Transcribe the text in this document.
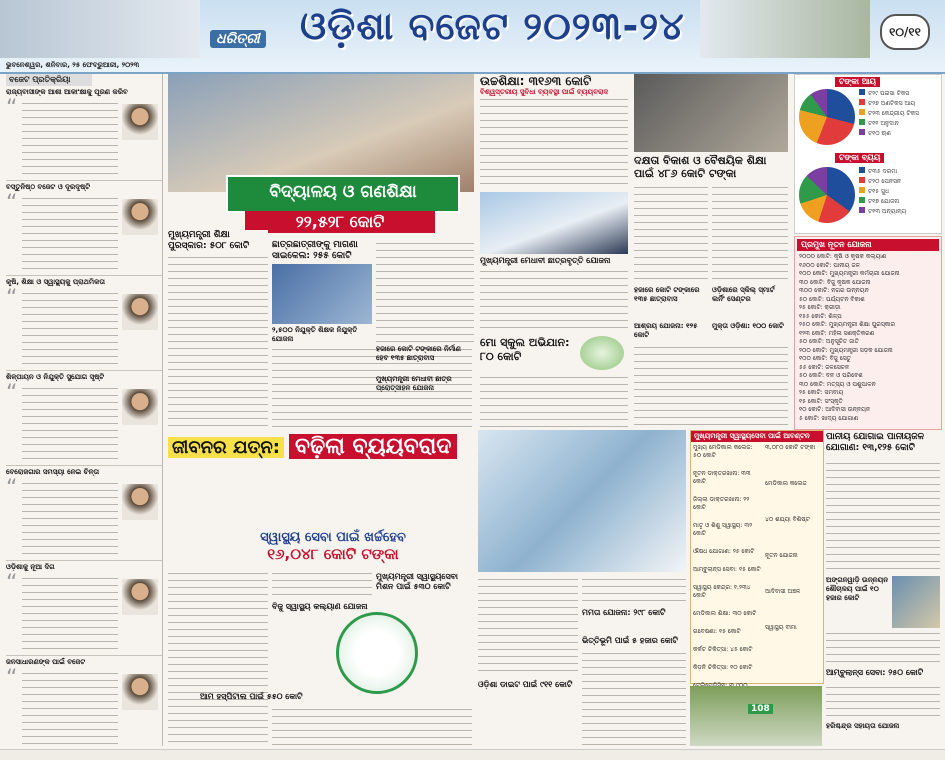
ଧରିତ୍ରୀ ଓଡ଼ିଶା ବଜେଟ ୨୦୨୩-୨୪	୧୦/୧୧
ଭୁବନେଶ୍ୱର, ଶନିବାର, ୨୫ ଫେବ୍ରୁଆରୀ, ୨୦୨୩
ବଜେଟ ପ୍ରତିକ୍ରିୟା
ରାଜ୍ୟବାସୀଙ୍କ ଆଶା ଆକାଂକ୍ଷାକୁ ପୂରଣ କରିବ
“
ବସ୍ତୁନିଷ୍ଠ ବଜେଟ ଓ ଦୂରଦୃଷ୍ଟି
“
କୃଷି, ଶିକ୍ଷା ଓ ସ୍ୱାସ୍ଥ୍ୟକୁ ପ୍ରାଥମିକତା
“
ଶିଳ୍ପାୟନ ଓ ନିଯୁକ୍ତି ସୁଯୋଗ ସୃଷ୍ଟି
“
ବେରୋଜଗାର ସମସ୍ୟା ନେଇ ଚିନ୍ତା
“
ଓଡ଼ିଶାକୁ ନୂଆ ଦିଗ
“
ଜନସାଧାରଣଙ୍କ ପାଇଁ ବଜେଟ
“
ବିଦ୍ୟାଳୟ ଓ ଗଣଶିକ୍ଷା
୨୨,୫୨୮ କୋଟି
ଛାତ୍ରଛାତ୍ରୀଙ୍କୁ ମାଗଣା ସାଇକେଲ: ୨୫୫ କୋଟି
୨,୫୦୦ ନିଯୁକ୍ତି ଶିକ୍ଷକ ନିଯୁକ୍ତି ଯୋଜନା
ମୁଖ୍ୟମନ୍ତ୍ରୀ ଶିକ୍ଷା ପୁରସ୍କାର: ୫୦୮ କୋଟି
ଉଚ୍ଚଶିକ୍ଷା: ୩୧୬୩ କୋଟି
ବିଶ୍ୱସ୍ତରୀୟ ସୁବିଧା ବ୍ୟବସ୍ଥା ପାଇଁ ବ୍ୟୟବରାଦ
ମୁଖ୍ୟମନ୍ତ୍ରୀ ମେଧାବୀ ଛାତ୍ରବୃତ୍ତି ଯୋଜନା
ହଜାରେ କୋଟି ଟଙ୍କାରେ ନିର୍ମାଣ ହେବ ୧୩୫ ଛାତ୍ରାବାସ
ମୁଖ୍ୟମନ୍ତ୍ରୀ ମେଧାବୀ ଛାତ୍ର ପ୍ରୋତ୍ସାହନ ଯୋଜନା
ମୋ ସ୍କୁଲ ଅଭିଯାନ: ୮୦ କୋଟି
ଦକ୍ଷତା ବିକାଶ ଓ ବୈଷୟିକ ଶିକ୍ଷା ପାଇଁ ୪୮୬ କୋଟି ଟଙ୍କା
ହଜାରେ କୋଟି ଟଙ୍କାରେ ୧୩୫ ଛାତ୍ରାବାସ
ଓଡ଼ିଶାରେ ସ୍କିଲ୍ ସ୍ମାର୍ଟ ଲର୍ନିଂ ସେଣ୍ଟର
ଆଶ୍ରୟ ଯୋଜନା: ୧୨୫ କୋଟି
ମୁକ୍ତା ଓଡ଼ିଶା: ୧୦୦ କୋଟି
ଟଙ୍କା ଆୟ
ଟ୨୯ ପଇସା ଟିକସ
ଟ୨୭ ଅଣଟିକସ ଆୟ
ଟ୨୩ କେନ୍ଦ୍ରୀୟ ଟିକସ
ଟ୧୧ ଅନୁଦାନ
ଟ୧୦ ଋଣ
ଟଙ୍କା ବ୍ୟୟ
ଟ୩୫ ଦରମା
ଟ୨୦ ପେନସନ
ଟ୧୫ ସୁଧ
ଟ୧୭ ଯୋଜନା
ଟ୧୩ ଅନ୍ୟାନ୍ୟ
ପ୍ରମୁଖ ନୂତନ ଯୋଜନା
୨୦୦୦ କୋଟି: କୃଷି ଓ କୃଷକ କଲ୍ୟାଣ
୧୬୦୦ କୋଟି: ପାନୀୟ ଜଳ
୧୦୦ କୋଟି: ମୁଖ୍ୟମନ୍ତ୍ରୀ କର୍ମଚାରୀ ଯୋଜନା
୩୦ କୋଟି: ବିଜୁ କୃଷକ ଯୋଜନା
୩୦୦ କୋଟି: ନଗର ଉନ୍ନୟନ
୫୦ କୋଟି: ପର୍ଯ୍ୟଟନ ବିକାଶ
୨୫ କୋଟି: କ୍ରୀଡ଼ା
୧୫୫ କୋଟି: ଶିଳ୍ପ
୨୫୦ କୋଟି: ମୁଖ୍ୟମନ୍ତ୍ରୀ ଶିକ୍ଷା ପୁରସ୍କାର
୧୨୩ କୋଟି: ମହିଳା ସଶକ୍ତିକରଣ
୫୦ କୋଟି: ଅନୁସୂଚିତ ଜାତି
୨୦୦ କୋଟି: ମୁଖ୍ୟମନ୍ତ୍ରୀ ସଡ଼କ ଯୋଜନା
୧୦୦ କୋଟି: ବିଜୁ ସେତୁ
୫୫ କୋଟି: ଜଳସେଚନ
୫୦ କୋଟି: ବନ ଓ ପରିବେଶ
୩୦ କୋଟି: ମତ୍ସ୍ୟ ଓ ପଶୁପାଳନ
୨୫ କୋଟି: ସମବାୟ
୧୫ କୋଟି: ସଂସ୍କୃତି
୧୦ କୋଟି: ଆଦିବାସୀ ଉନ୍ନୟନ
୫ କୋଟି: ଖାଦ୍ୟ ଯୋଗାଣ
ଜୀବନର ଯତ୍ନ: ବଢ଼ିଲା ବ୍ୟୟବରାଦ
ସ୍ୱାସ୍ଥ୍ୟ ସେବା ପାଇଁ ଖର୍ଚ୍ଚହେବ
୧୬,୦୪୮ କୋଟି ଟଙ୍କା
ବିଜୁ ସ୍ୱାସ୍ଥ୍ୟ କଲ୍ୟାଣ ଯୋଜନା
ମୁଖ୍ୟମନ୍ତ୍ରୀ ସ୍ୱାସ୍ଥ୍ୟସେବା ମିଶନ ପାଇଁ ୫୩୦ କୋଟି
ଆମ ହସ୍ପିଟାଲ ପାଇଁ ୫୫୦ କୋଟି
ମମତା ଯୋଜନା: ୨୯୮ କୋଟି
ଭିତ୍ତିଭୂମି ପାଇଁ ୫ ହଜାର କୋଟି
ଓଡ଼ିଶା ଡାଇଟ ପାଇଁ ୯୧୧ କୋଟି
ମୁଖ୍ୟମନ୍ତ୍ରୀ ସ୍ୱାସ୍ଥ୍ୟସେବା ପାଇଁ ଆବଣ୍ଟନ
ମୁଖ୍ୟ ମେଡିକାଲ କଲେଜ: ୫୦ କୋଟି
ନୂତନ ଡାକ୍ତରଖାନା: ୩୩ କୋଟି
ଜିଲ୍ଲା ଡାକ୍ତରଖାନା: ୨୨ କୋଟି
ମାତୃ ଓ ଶିଶୁ ସ୍ୱାସ୍ଥ୍ୟ: ୩୨ କୋଟି
ଔଷଧ ଯୋଗାଣ: ୨୫ କୋଟି
ଆମ୍ବୁଲାନ୍ସ ସେବା: ୧୫ କୋଟି
ସ୍ୱାସ୍ଥ୍ୟ କେନ୍ଦ୍ର: ୧,୨୩୪ କୋଟି
ମେଡିକାଲ ଶିକ୍ଷା: ୩୦ କୋଟି
ଗବେଷଣା: ୧୫ କୋଟି
କର୍କଟ ଚିକିତ୍ସା: ୪୫ କୋଟି
କିଡ଼ନି ଚିକିତ୍ସା: ୧୦ କୋଟି
୩,୦୮୦ କୋଟି ଟଙ୍କା
ମେଡିକାଲ କଲେଜ
୪୦ ଶଯ୍ୟା ବିଶିଷ୍ଟ
ନୂତନ ଯୋଜନା
ଆଦିବାସୀ ଅଞ୍ଚଳ
ସ୍ୱାସ୍ଥ୍ୟ ବୀମା
108
ପାନୀୟ ଯୋଗାଇ ପାନୀୟଜଳ ଯୋଗାଣ: ୧୩,୧୨୫ କୋଟି
ଅଙ୍ଗନୱାଡ଼ି ଉନ୍ନୟନ
ଶୌଚାଳୟ ପାଇଁ ୧୦ ହଜାର କୋଟି
ଆମ୍ବୁଲାନ୍ସ ସେବା: ୨୫୦ କୋଟି
ହରିଶ୍ଚନ୍ଦ୍ର ସହାୟତା ଯୋଜନା
